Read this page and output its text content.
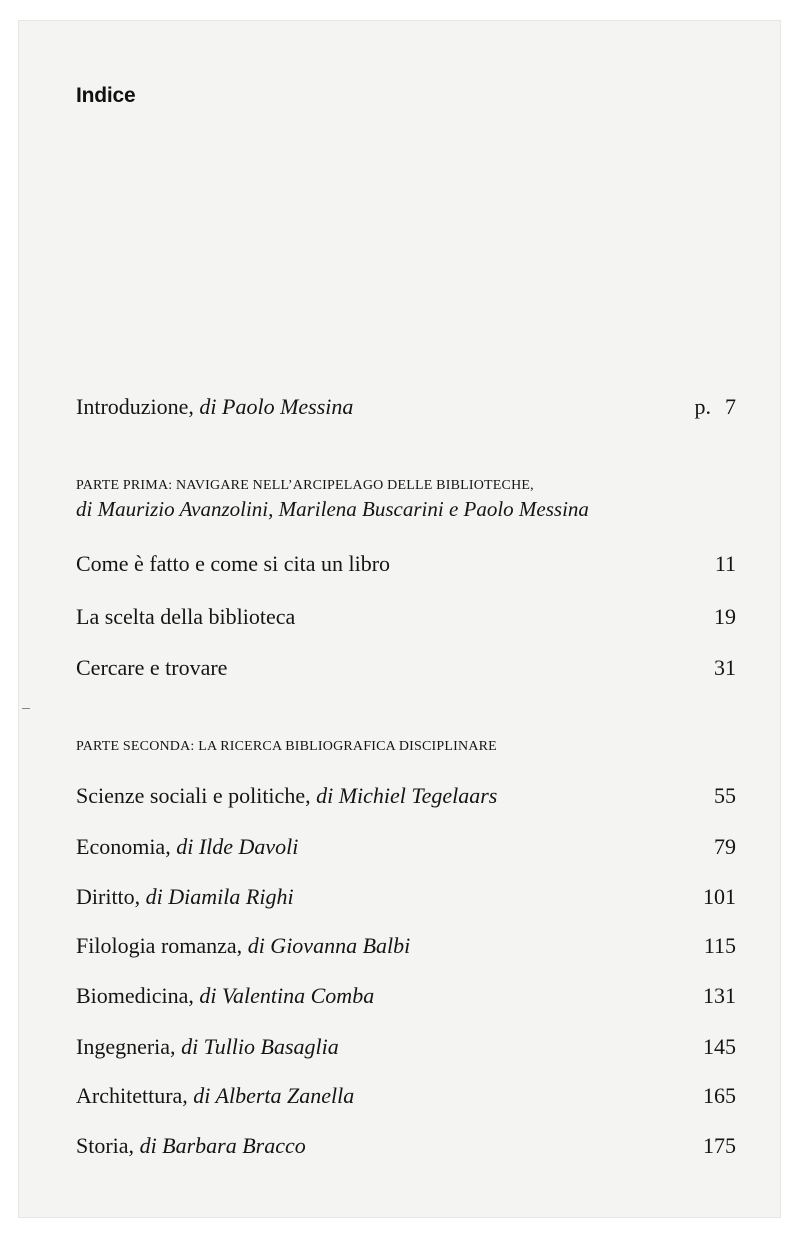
Indice
Introduzione, di Paolo Messina	p. 7
PARTE PRIMA: NAVIGARE NELL’ARCIPELAGO DELLE BIBLIOTECHE,
di Maurizio Avanzolini, Marilena Buscarini e Paolo Messina
Come è fatto e come si cita un libro	11
La scelta della biblioteca	19
Cercare e trovare	31
PARTE SECONDA: LA RICERCA BIBLIOGRAFICA DISCIPLINARE
Scienze sociali e politiche, di Michiel Tegelaars	55
Economia, di Ilde Davoli	79
Diritto, di Diamila Righi	101
Filologia romanza, di Giovanna Balbi	115
Biomedicina, di Valentina Comba	131
Ingegneria, di Tullio Basaglia	145
Architettura, di Alberta Zanella	165
Storia, di Barbara Bracco	175
